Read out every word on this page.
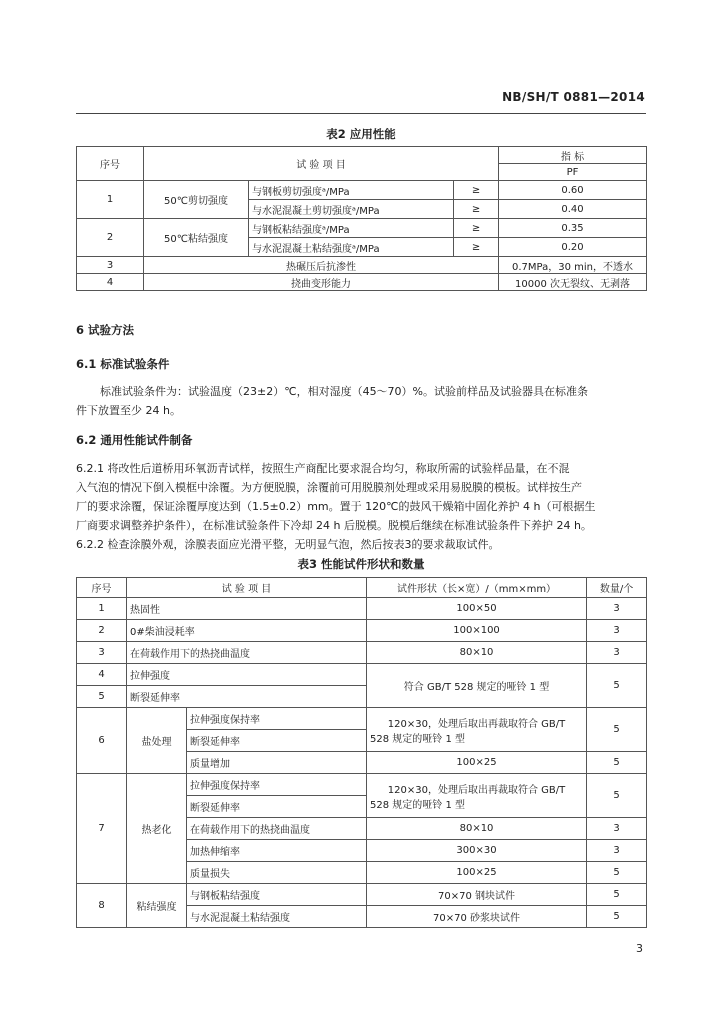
NB/SH/T 0881—2014
表2 应用性能
序号	试 验 项 目			指 标
				PF
1	50℃剪切强度	与钢板剪切强度ᵃ/MPa	≥	0.60
		与水泥混凝土剪切强度ᵃ/MPa	≥	0.40
2	50℃粘结强度	与钢板粘结强度ᵃ/MPa	≥	0.35
		与水泥混凝土粘结强度ᵃ/MPa	≥	0.20
3	热碾压后抗渗性			0.7MPa，30 min，不透水
4	挠曲变形能力			10000 次无裂纹、无剥落
6 试验方法
6.1 标准试验条件
标准试验条件为：试验温度（23±2）℃，相对湿度（45～70）%。试验前样品及试验器具在标准条
件下放置至少 24 h。
6.2 通用性能试件制备
6.2.1 将改性后道桥用环氧沥青试样，按照生产商配比要求混合均匀，称取所需的试验样品量，在不混
入气泡的情况下倒入模框中涂覆。为方便脱膜，涂覆前可用脱膜剂处理或采用易脱膜的模板。试样按生产
厂的要求涂覆，保证涂覆厚度达到（1.5±0.2）mm。置于 120℃的鼓风干燥箱中固化养护 4 h（可根据生
厂商要求调整养护条件），在标准试验条件下冷却 24 h 后脱模。脱模后继续在标准试验条件下养护 24 h。
6.2.2 检查涂膜外观，涂膜表面应光滑平整，无明显气泡，然后按表3的要求裁取试件。
表3 性能试件形状和数量
序号	试 验 项 目		试件形状（长×宽）/（mm×mm）	数量/个
1	热固性		100×50	3
2	0#柴油浸耗率		100×100	3
3	在荷载作用下的热挠曲温度		80×10	3
4	拉伸强度		符合 GB/T 528 规定的哑铃 1 型	5
5	断裂延伸率			
6	盐处理	拉伸强度保持率	120×30，处理后取出再裁取符合 GB/T
528 规定的哑铃 1 型	5
		断裂延伸率		
		质量增加	100×25	5
7	热老化	拉伸强度保持率	120×30，处理后取出再裁取符合 GB/T
528 规定的哑铃 1 型	5
		断裂延伸率		
		在荷载作用下的热挠曲温度	80×10	3
		加热伸缩率	300×30	3
		质量损失	100×25	5
8	粘结强度	与钢板粘结强度	70×70 钢块试件	5
		与水泥混凝土粘结强度	70×70 砂浆块试件	5
3
